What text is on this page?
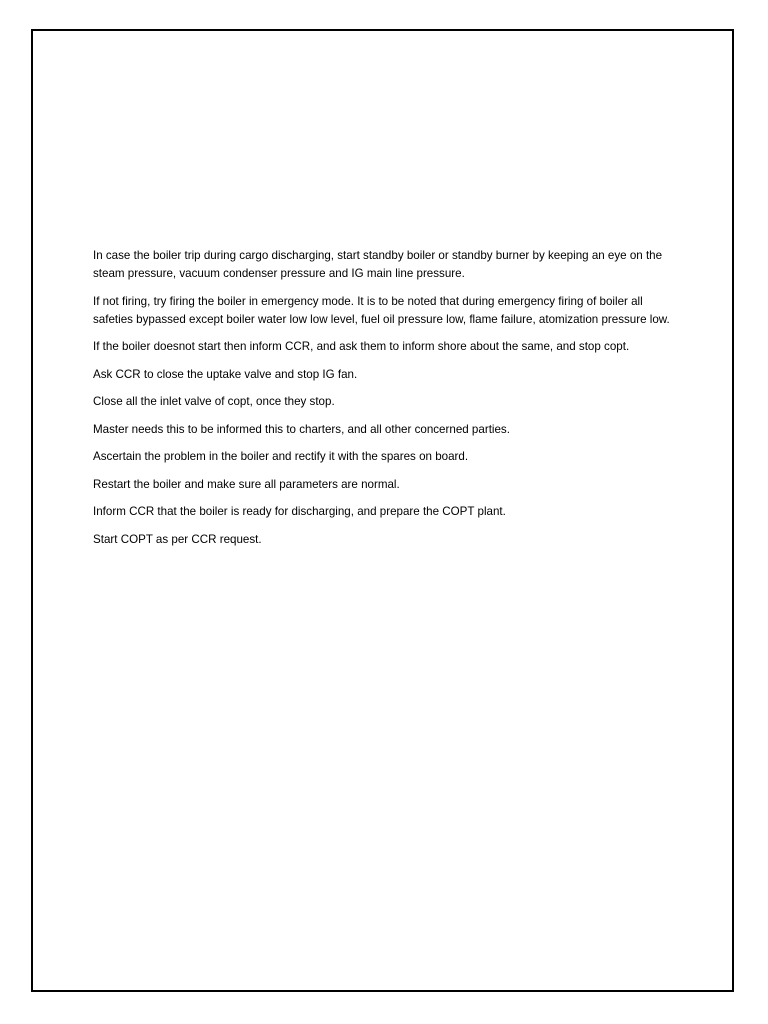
In case the boiler trip during cargo discharging, start standby boiler or standby burner by keeping an eye on the steam pressure, vacuum condenser pressure and IG main line pressure.

If not firing, try firing the boiler in emergency mode. It is to be noted that during emergency firing of boiler all safeties bypassed except boiler water low low level, fuel oil pressure low, flame failure, atomization pressure low.

If the boiler doesnot start then inform CCR, and ask them to inform shore about the same, and stop copt.

Ask CCR to close the uptake valve and stop IG fan.

Close all the inlet valve of copt, once they stop.

Master needs this to be informed this to charters, and all other concerned parties.

Ascertain the problem in the boiler and rectify it with the spares on board.

Restart the boiler and make sure all parameters are normal.

Inform CCR that the boiler is ready for discharging, and prepare the COPT plant.

Start COPT as per CCR request.
